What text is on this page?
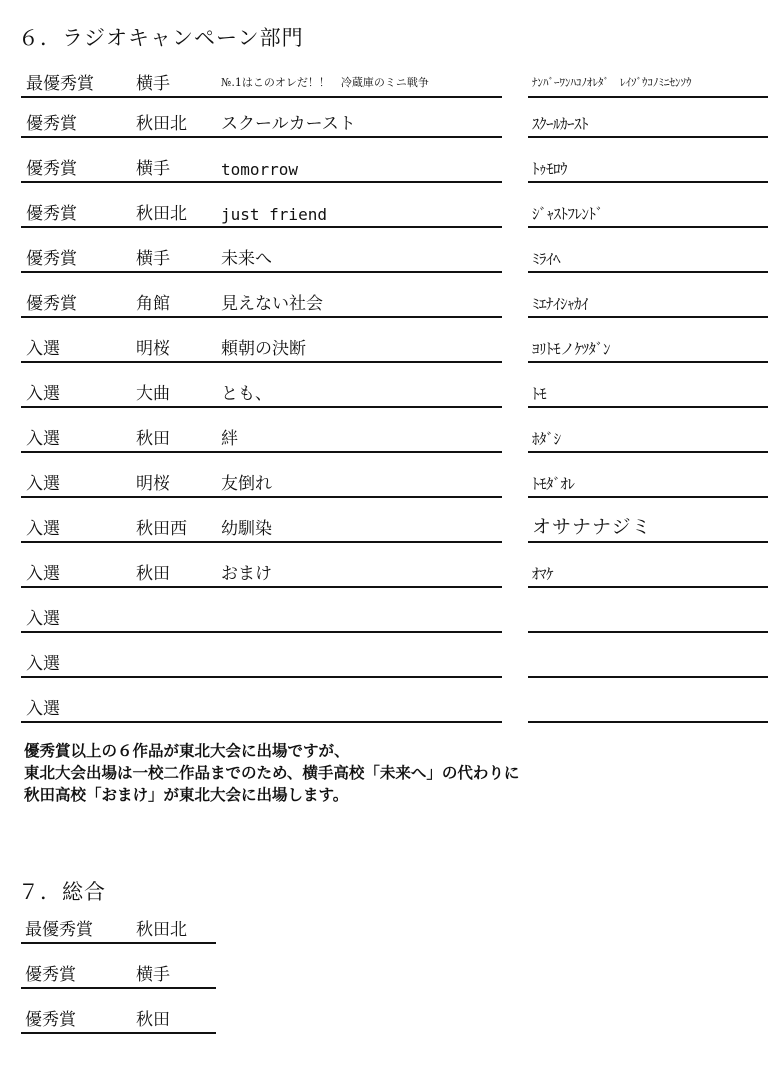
６．ラジオキャンペーン部門
最優秀賞 横手	№.1はこのオレだ！！　冷蔵庫のミニ戦争	ﾅﾝﾊﾞｰﾜﾝﾊｺﾉｵﾚﾀﾞ　ﾚｲｿﾞｳｺﾉﾐﾆｾﾝｿｳ
優秀賞	秋田北 スクールカースト	ｽｸｰﾙｶｰｽﾄ
優秀賞	横手	tomorrow	ﾄｩﾓﾛｳ
優秀賞	秋田北 just friend	ｼﾞｬｽﾄﾌﾚﾝﾄﾞ
優秀賞	横手	未来へ	ﾐﾗｲﾍ
優秀賞	角館	見えない社会	ﾐｴﾅｲｼｬｶｲ
入選	明桜	頼朝の決断	ﾖﾘﾄﾓノｹﾂﾀﾞﾝ
入選	大曲	とも、	ﾄﾓ
入選	秋田	絆	ﾎﾀﾞｼ
入選	明桜	友倒れ	ﾄﾓﾀﾞｵﾚ
入選	秋田西 幼馴染	オサナナジミ
入選	秋田	おまけ	ｵﾏｹ
入選
入選
入選
優秀賞以上の６作品が東北大会に出場ですが、
東北大会出場は一校二作品までのため、横手高校「未来へ」の代わりに
秋田高校「おまけ」が東北大会に出場します。
７．総合
最優秀賞	秋田北
優秀賞	横手
優秀賞	秋田
